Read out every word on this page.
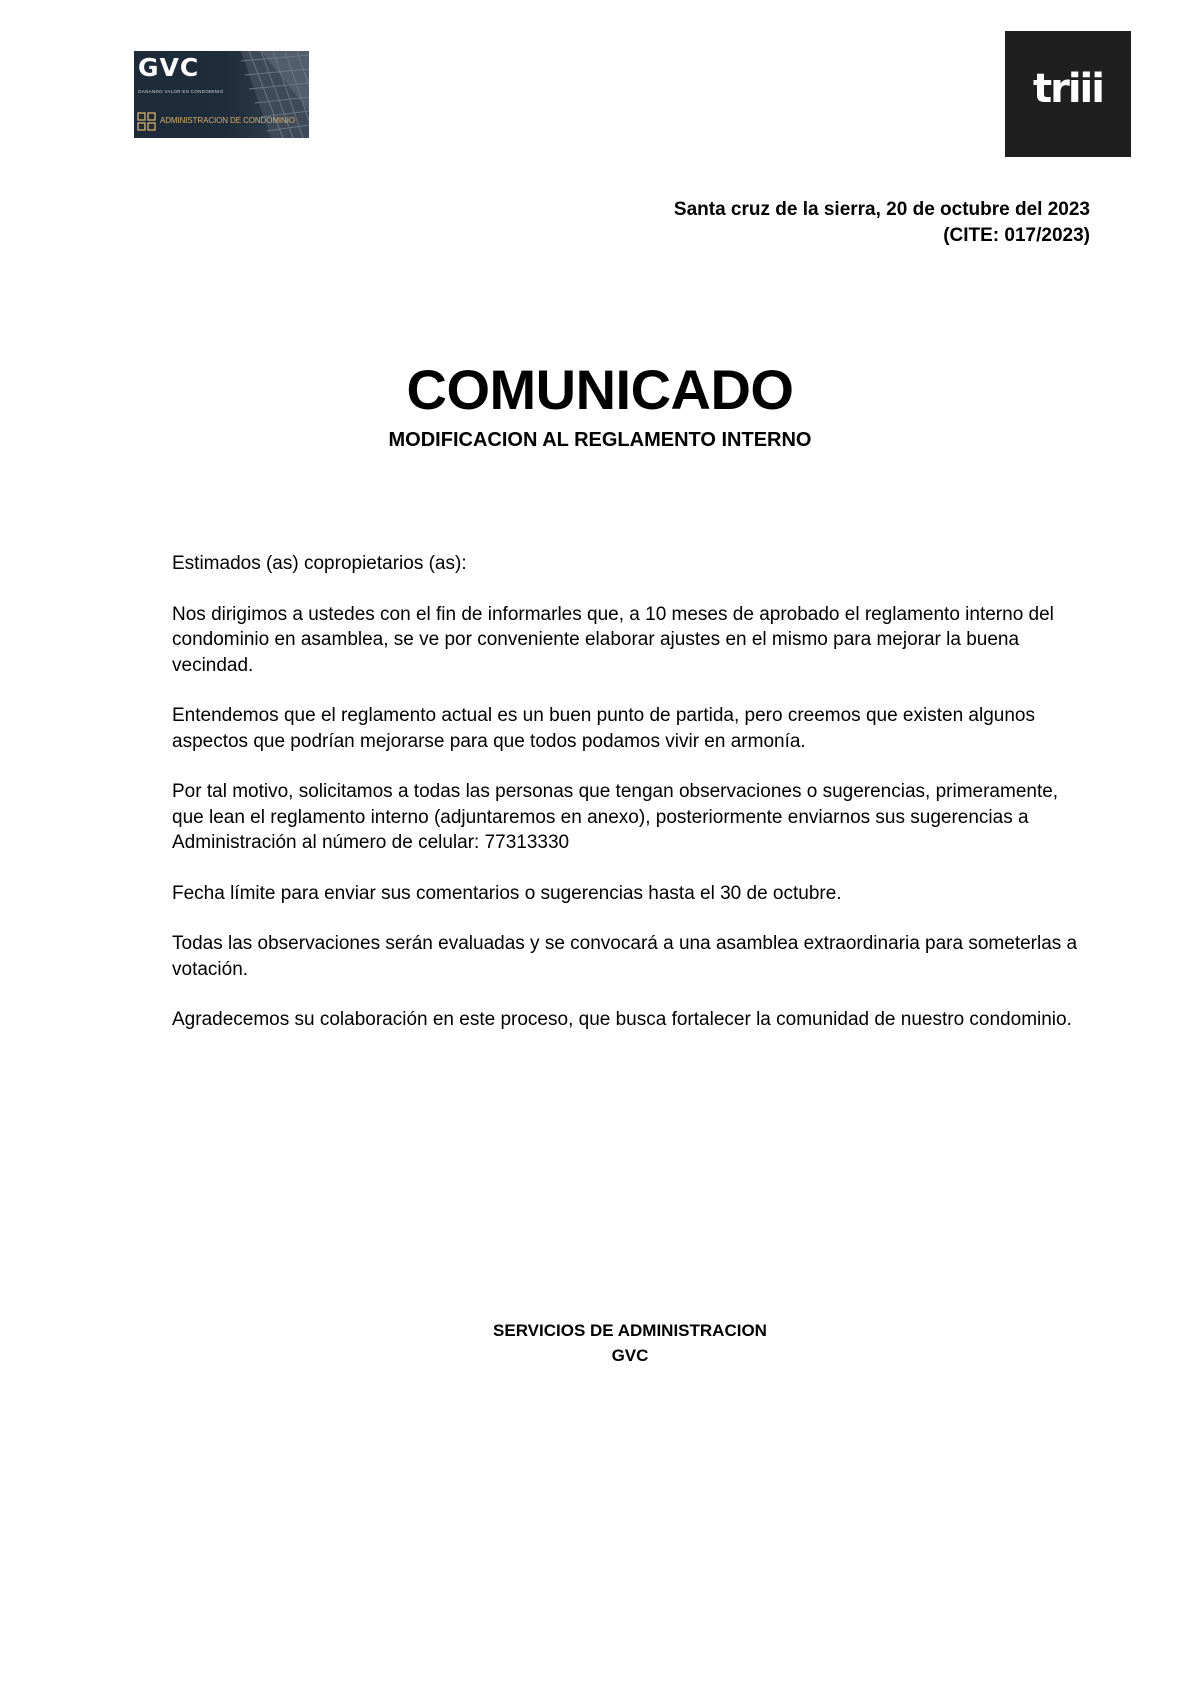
GVC
GANANDO VALOR EN CONDOMINIO
ADMINISTRACION DE CONDOMINIO
triii
Santa cruz de la sierra, 20 de octubre del 2023
(CITE: 017/2023)
COMUNICADO
MODIFICACION AL REGLAMENTO INTERNO

Estimados (as) copropietarios (as):

Nos dirigimos a ustedes con el fin de informarles que, a 10 meses de aprobado el reglamento interno del condominio en asamblea, se ve por conveniente elaborar ajustes en el mismo para mejorar la buena vecindad.

Entendemos que el reglamento actual es un buen punto de partida, pero creemos que existen algunos aspectos que podrían mejorarse para que todos podamos vivir en armonía.

Por tal motivo, solicitamos a todas las personas que tengan observaciones o sugerencias, primeramente, que lean el reglamento interno (adjuntaremos en anexo), posteriormente enviarnos sus sugerencias a Administración al número de celular: 77313330

Fecha límite para enviar sus comentarios o sugerencias hasta el 30 de octubre.

Todas las observaciones serán evaluadas y se convocará a una asamblea extraordinaria para someterlas a votación.

Agradecemos su colaboración en este proceso, que busca fortalecer la comunidad de nuestro condominio.

SERVICIOS DE ADMINISTRACION
GVC
